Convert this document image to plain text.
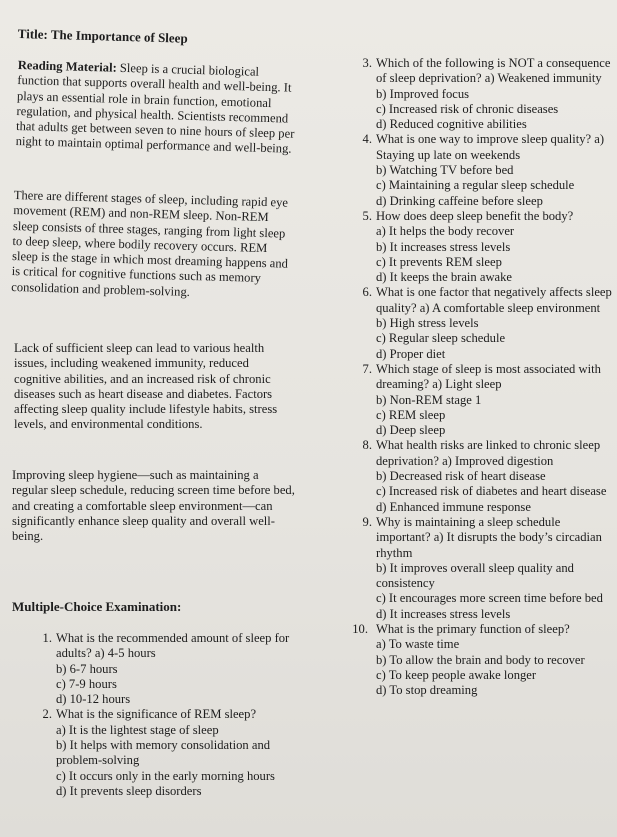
Title: The Importance of Sleep

Reading Material: Sleep is a crucial biological function that supports overall health and well-being. It plays an essential role in brain function, emotional regulation, and physical health. Scientists recommend that adults get between seven to nine hours of sleep per night to maintain optimal performance and well-being.

There are different stages of sleep, including rapid eye movement (REM) and non-REM sleep. Non-REM sleep consists of three stages, ranging from light sleep to deep sleep, where bodily recovery occurs. REM sleep is the stage in which most dreaming happens and is critical for cognitive functions such as memory consolidation and problem-solving.

Lack of sufficient sleep can lead to various health issues, including weakened immunity, reduced cognitive abilities, and an increased risk of chronic diseases such as heart disease and diabetes. Factors affecting sleep quality include lifestyle habits, stress levels, and environmental conditions.

Improving sleep hygiene—such as maintaining a regular sleep schedule, reducing screen time before bed, and creating a comfortable sleep environment—can significantly enhance sleep quality and overall well-being.

Multiple-Choice Examination:
1. What is the recommended amount of sleep for adults? a) 4-5 hours
b) 6-7 hours
c) 7-9 hours
d) 10-12 hours
2. What is the significance of REM sleep?
a) It is the lightest stage of sleep
b) It helps with memory consolidation and problem-solving
c) It occurs only in the early morning hours
d) It prevents sleep disorders
3. Which of the following is NOT a consequence of sleep deprivation? a) Weakened immunity
b) Improved focus
c) Increased risk of chronic diseases
d) Reduced cognitive abilities
4. What is one way to improve sleep quality? a) Staying up late on weekends
b) Watching TV before bed
c) Maintaining a regular sleep schedule
d) Drinking caffeine before sleep
5. How does deep sleep benefit the body?
a) It helps the body recover
b) It increases stress levels
c) It prevents REM sleep
d) It keeps the brain awake
6. What is one factor that negatively affects sleep quality? a) A comfortable sleep environment
b) High stress levels
c) Regular sleep schedule
d) Proper diet
7. Which stage of sleep is most associated with dreaming? a) Light sleep
b) Non-REM stage 1
c) REM sleep
d) Deep sleep
8. What health risks are linked to chronic sleep deprivation? a) Improved digestion
b) Decreased risk of heart disease
c) Increased risk of diabetes and heart disease
d) Enhanced immune response
9. Why is maintaining a sleep schedule important? a) It disrupts the body’s circadian rhythm
b) It improves overall sleep quality and consistency
c) It encourages more screen time before bed
d) It increases stress levels
10. What is the primary function of sleep?
a) To waste time
b) To allow the brain and body to recover
c) To keep people awake longer
d) To stop dreaming
